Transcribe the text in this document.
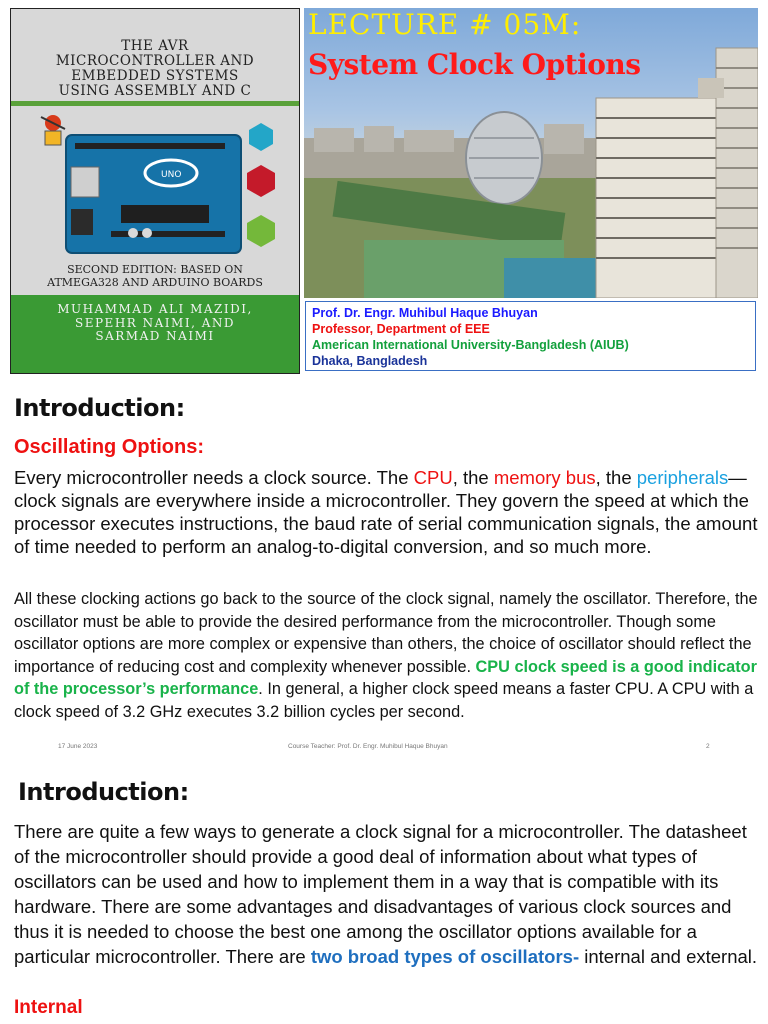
THE AVR
MICROCONTROLLER AND
EMBEDDED SYSTEMS
USING ASSEMBLY AND C
UNO
SECOND EDITION: BASED ON
ATMEGA328 AND ARDUINO BOARDS
MUHAMMAD ALI MAZIDI,
SEPEHR NAIMI, AND
SARMAD NAIMI
LECTURE # 05M:
System Clock Options
Prof. Dr. Engr. Muhibul Haque Bhuyan
Professor, Department of EEE
American International University-Bangladesh (AIUB)
Dhaka, Bangladesh
Introduction:
Oscillating Options:
Every microcontroller needs a clock source. The CPU, the memory bus, the peripherals—clock signals are everywhere inside a microcontroller. They govern the speed at which the processor executes instructions, the baud rate of serial communication signals, the amount of time needed to perform an analog-to-digital conversion, and so much more.
All these clocking actions go back to the source of the clock signal, namely the oscillator. Therefore, the oscillator must be able to provide the desired performance from the microcontroller. Though some oscillator options are more complex or expensive than others, the choice of oscillator should reflect the importance of reducing cost and complexity whenever possible. CPU clock speed is a good indicator of the processor’s performance. In general, a higher clock speed means a faster CPU. A CPU with a clock speed of 3.2 GHz executes 3.2 billion cycles per second.
17 June 2023	Course Teacher: Prof. Dr. Engr. Muhibul Haque Bhuyan	2
Introduction:
There are quite a few ways to generate a clock signal for a microcontroller. The datasheet of the microcontroller should provide a good deal of information about what types of oscillators can be used and how to implement them in a way that is compatible with its hardware. There are some advantages and disadvantages of various clock sources and thus it is needed to choose the best one among the oscillator options available for a particular microcontroller. There are two broad types of oscillators- internal and external.
Internal
